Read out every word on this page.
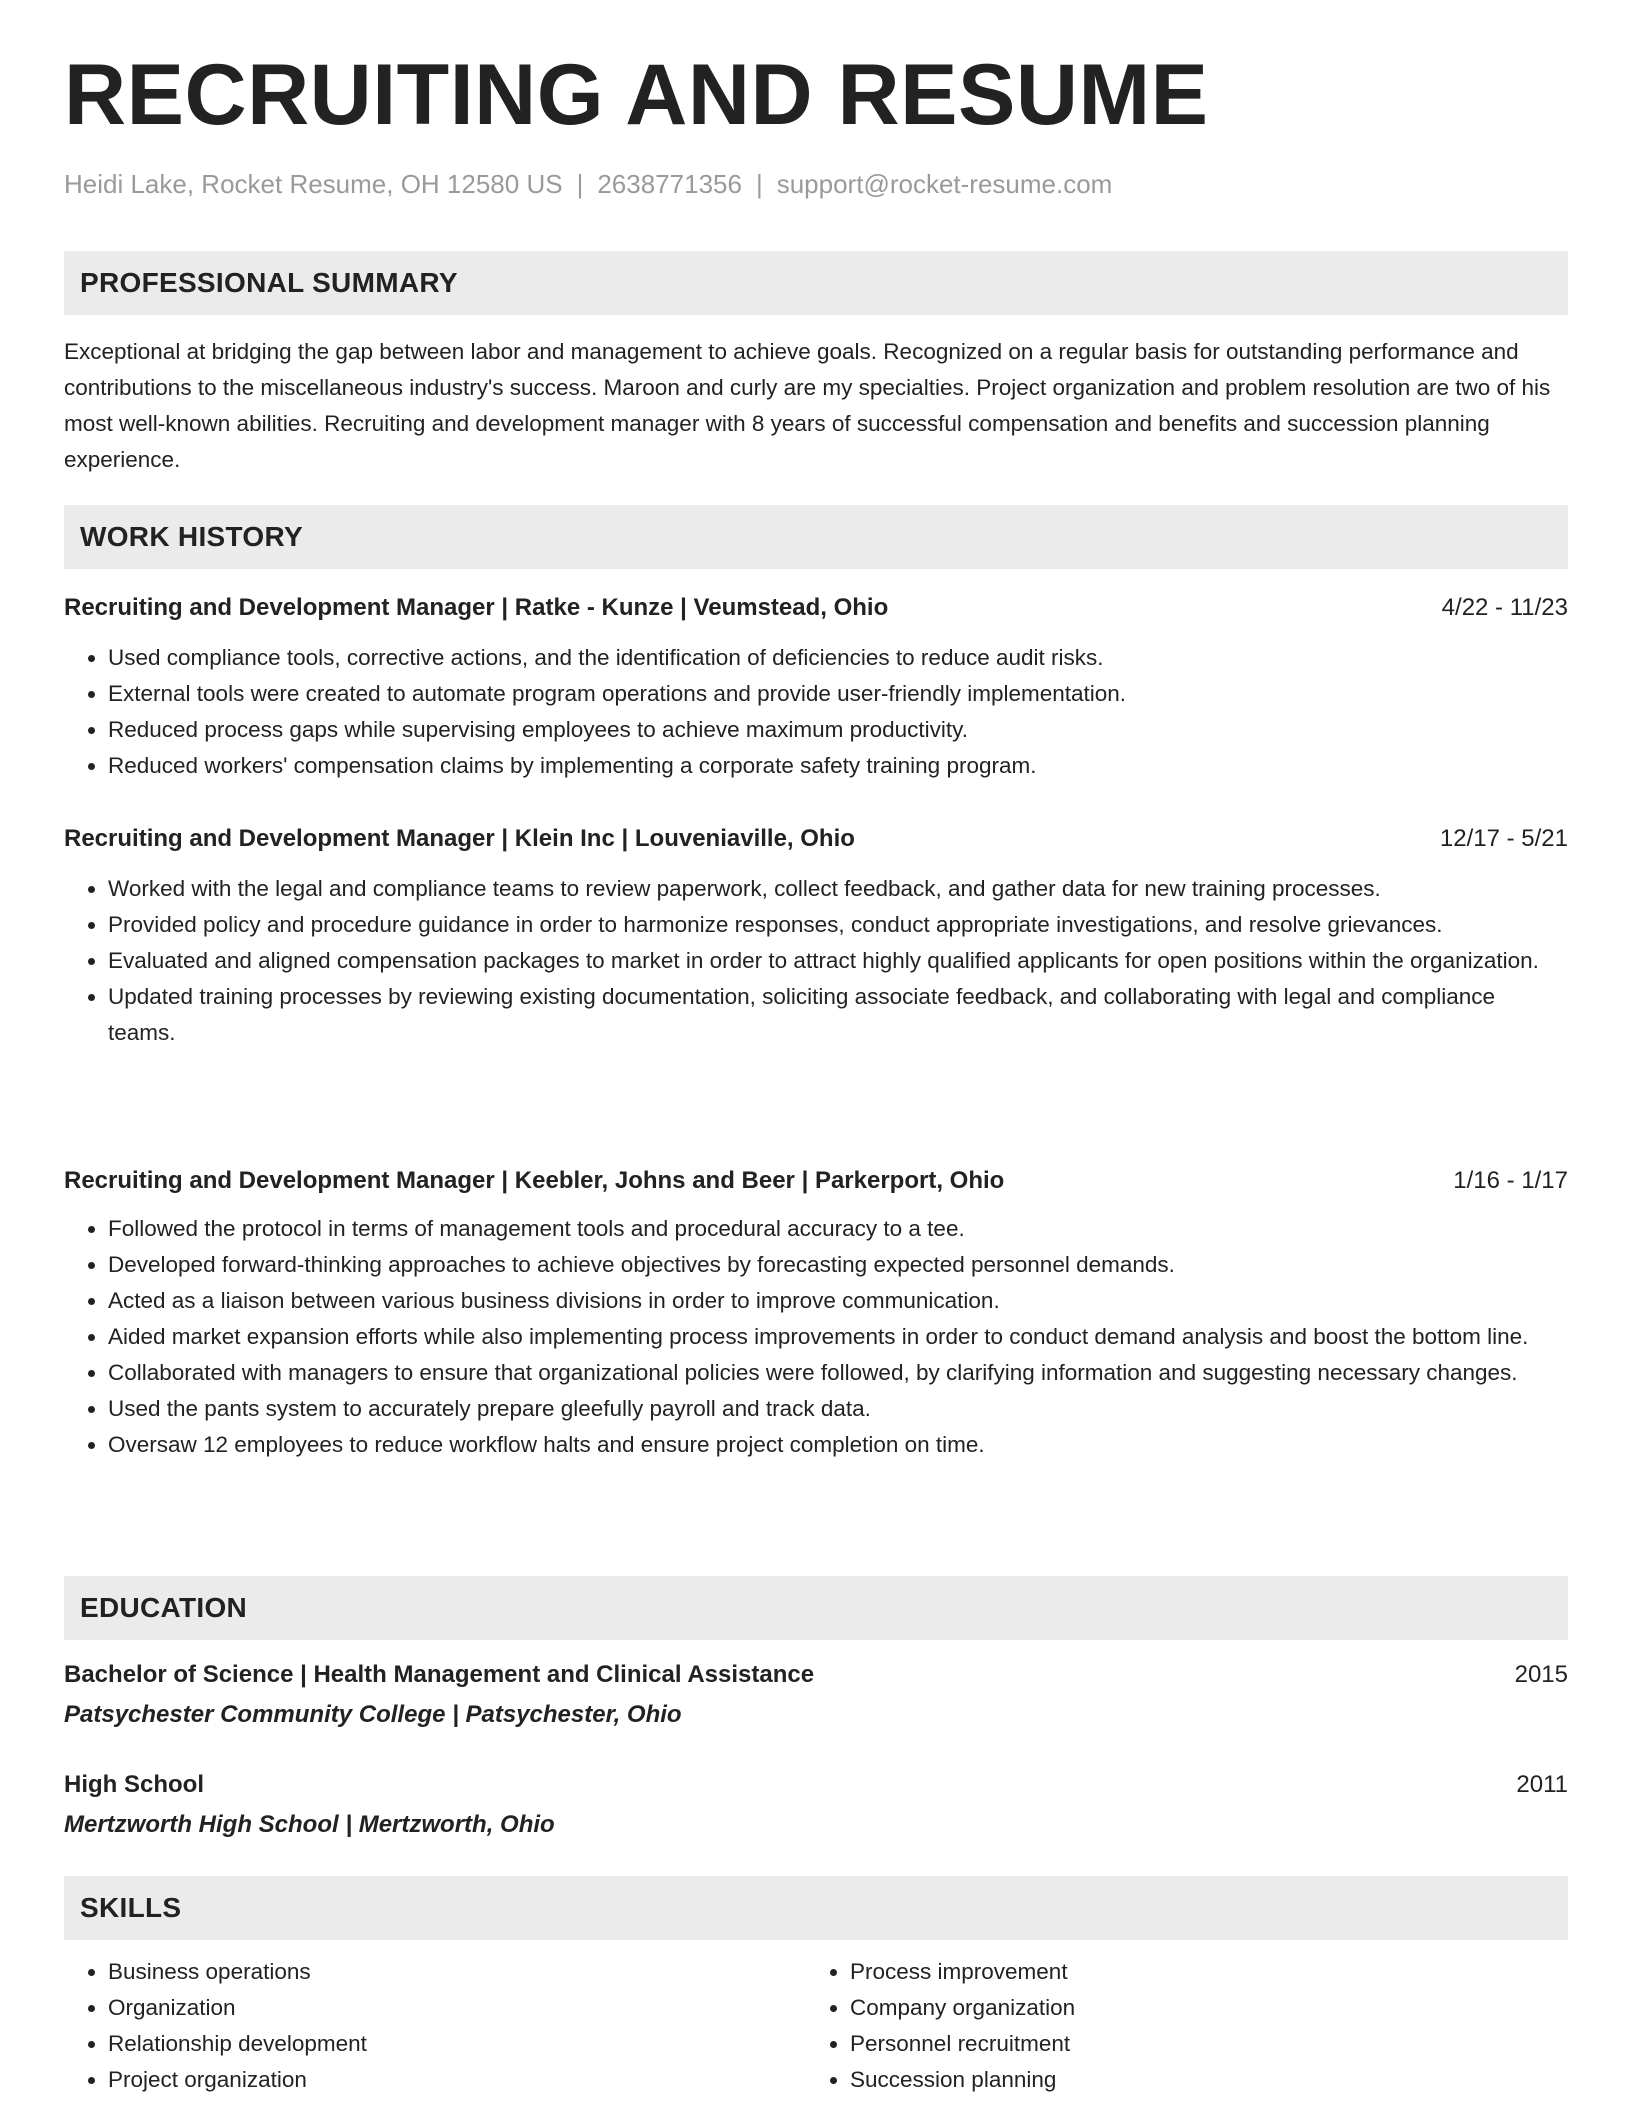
RECRUITING AND RESUME
Heidi Lake, Rocket Resume, OH 12580 US | 2638771356 | support@rocket-resume.com
PROFESSIONAL SUMMARY

Exceptional at bridging the gap between labor and management to achieve goals. Recognized on a regular basis for outstanding performance and contributions to the miscellaneous industry's success. Maroon and curly are my specialties. Project organization and problem resolution are two of his most well-known abilities. Recruiting and development manager with 8 years of successful compensation and benefits and succession planning experience.

WORK HISTORY
Recruiting and Development Manager | Ratke - Kunze | Veumstead, Ohio	4/22 - 11/23
• Used compliance tools, corrective actions, and the identification of deficiencies to reduce audit risks.
• External tools were created to automate program operations and provide user-friendly implementation.
• Reduced process gaps while supervising employees to achieve maximum productivity.
• Reduced workers' compensation claims by implementing a corporate safety training program.
Recruiting and Development Manager | Klein Inc | Louveniaville, Ohio	12/17 - 5/21
• Worked with the legal and compliance teams to review paperwork, collect feedback, and gather data for new training processes.
• Provided policy and procedure guidance in order to harmonize responses, conduct appropriate investigations, and resolve grievances.
• Evaluated and aligned compensation packages to market in order to attract highly qualified applicants for open positions within the organization.
• Updated training processes by reviewing existing documentation, soliciting associate feedback, and collaborating with legal and compliance teams.
Recruiting and Development Manager | Keebler, Johns and Beer | Parkerport, Ohio	1/16 - 1/17
• Followed the protocol in terms of management tools and procedural accuracy to a tee.
• Developed forward-thinking approaches to achieve objectives by forecasting expected personnel demands.
• Acted as a liaison between various business divisions in order to improve communication.
• Aided market expansion efforts while also implementing process improvements in order to conduct demand analysis and boost the bottom line.
• Collaborated with managers to ensure that organizational policies were followed, by clarifying information and suggesting necessary changes.
• Used the pants system to accurately prepare gleefully payroll and track data.
• Oversaw 12 employees to reduce workflow halts and ensure project completion on time.
EDUCATION
Bachelor of Science | Health Management and Clinical Assistance	2015
Patsychester Community College | Patsychester, Ohio
High School	2011
Mertzworth High School | Mertzworth, Ohio
SKILLS
• Business operations
• Organization
• Relationship development
• Project organization
• Process improvement
• Company organization
• Personnel recruitment
• Succession planning
